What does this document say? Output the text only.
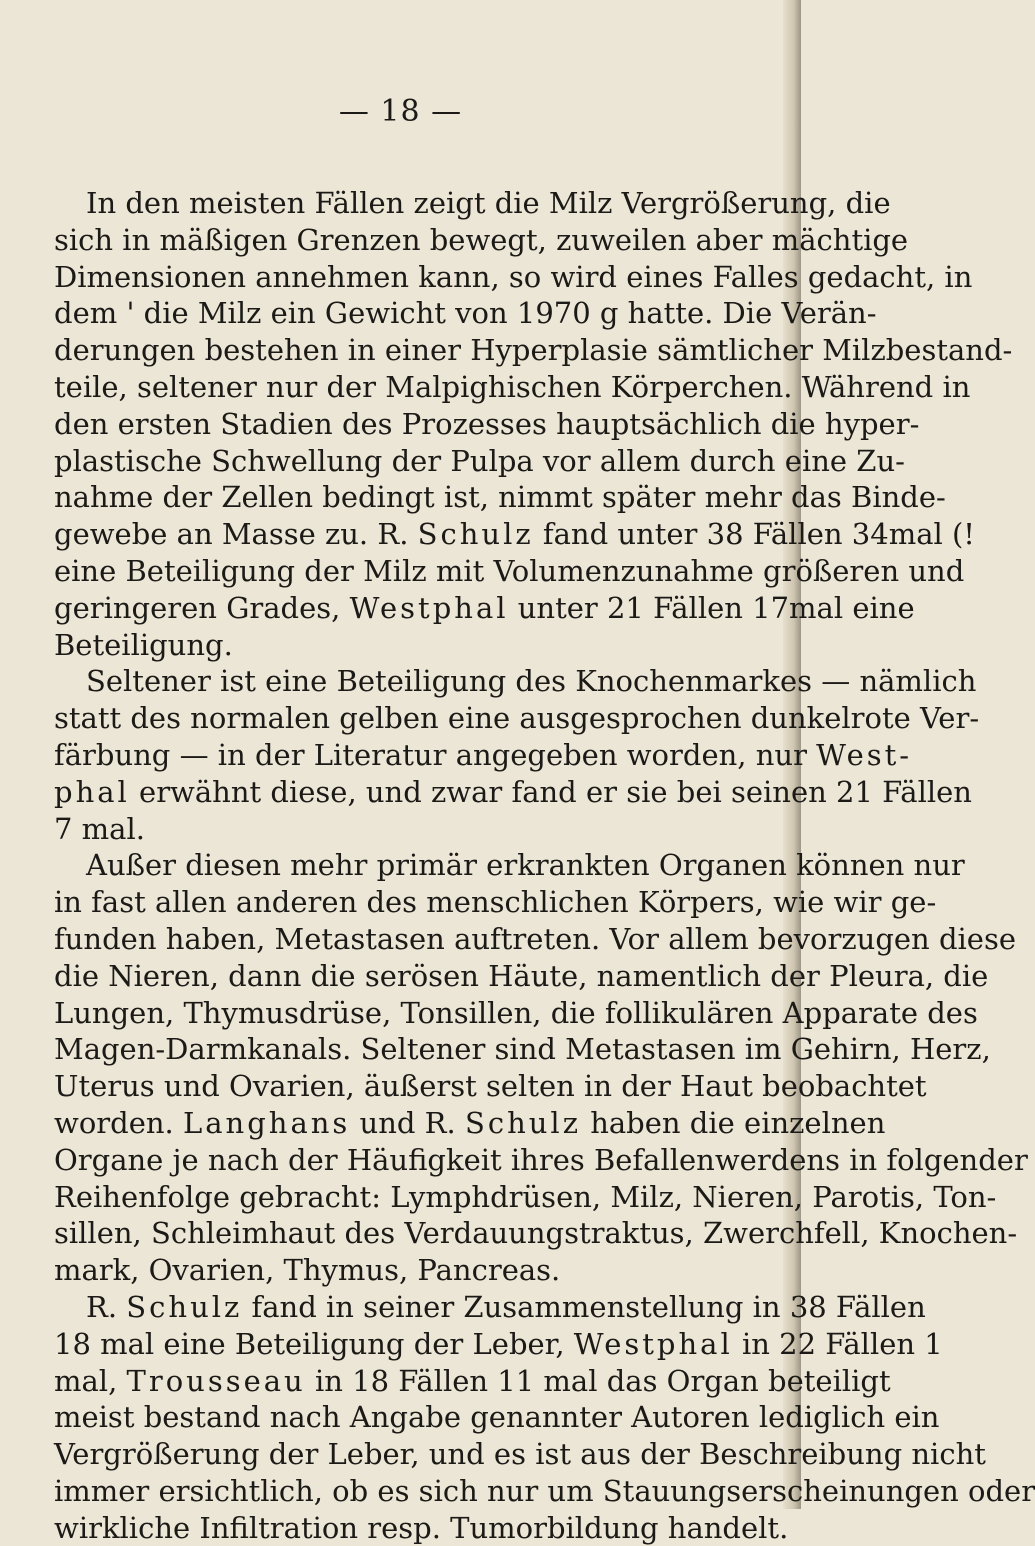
— 18 —
In den meisten Fällen zeigt die Milz Vergrößerung, die
sich in mäßigen Grenzen bewegt, zuweilen aber mächtige
Dimensionen annehmen kann, so wird eines Falles gedacht, in
dem ' die Milz ein Gewicht von 1970 g hatte. Die Verän-
derungen bestehen in einer Hyperplasie sämtlicher Milzbestand-
teile, seltener nur der Malpighischen Körperchen. Während in
den ersten Stadien des Prozesses hauptsächlich die hyper-
plastische Schwellung der Pulpa vor allem durch eine Zu-
nahme der Zellen bedingt ist, nimmt später mehr das Binde-
gewebe an Masse zu. R. Schulz fand unter 38 Fällen 34mal (!
eine Beteiligung der Milz mit Volumenzunahme größeren und
geringeren Grades, Westphal unter 21 Fällen 17mal eine
Beteiligung.
Seltener ist eine Beteiligung des Knochenmarkes — nämlich
statt des normalen gelben eine ausgesprochen dunkelrote Ver-
färbung — in der Literatur angegeben worden, nur West-
phal erwähnt diese, und zwar fand er sie bei seinen 21 Fällen
7 mal.
Außer diesen mehr primär erkrankten Organen können nur
in fast allen anderen des menschlichen Körpers, wie wir ge-
funden haben, Metastasen auftreten. Vor allem bevorzugen diese
die Nieren, dann die serösen Häute, namentlich der Pleura, die
Lungen, Thymusdrüse, Tonsillen, die follikulären Apparate des
Magen-Darmkanals. Seltener sind Metastasen im Gehirn, Herz,
Uterus und Ovarien, äußerst selten in der Haut beobachtet
worden. Langhans und R. Schulz haben die einzelnen
Organe je nach der Häufigkeit ihres Befallenwerdens in folgender
Reihenfolge gebracht: Lymphdrüsen, Milz, Nieren, Parotis, Ton-
sillen, Schleimhaut des Verdauungstraktus, Zwerchfell, Knochen-
mark, Ovarien, Thymus, Pancreas.
R. Schulz fand in seiner Zusammenstellung in 38 Fällen
18 mal eine Beteiligung der Leber, Westphal in 22 Fällen 1
mal, Trousseau in 18 Fällen 11 mal das Organ beteiligt
meist bestand nach Angabe genannter Autoren lediglich ein
Vergrößerung der Leber, und es ist aus der Beschreibung nicht
immer ersichtlich, ob es sich nur um Stauungserscheinungen oder
wirkliche Infiltration resp. Tumorbildung handelt.
